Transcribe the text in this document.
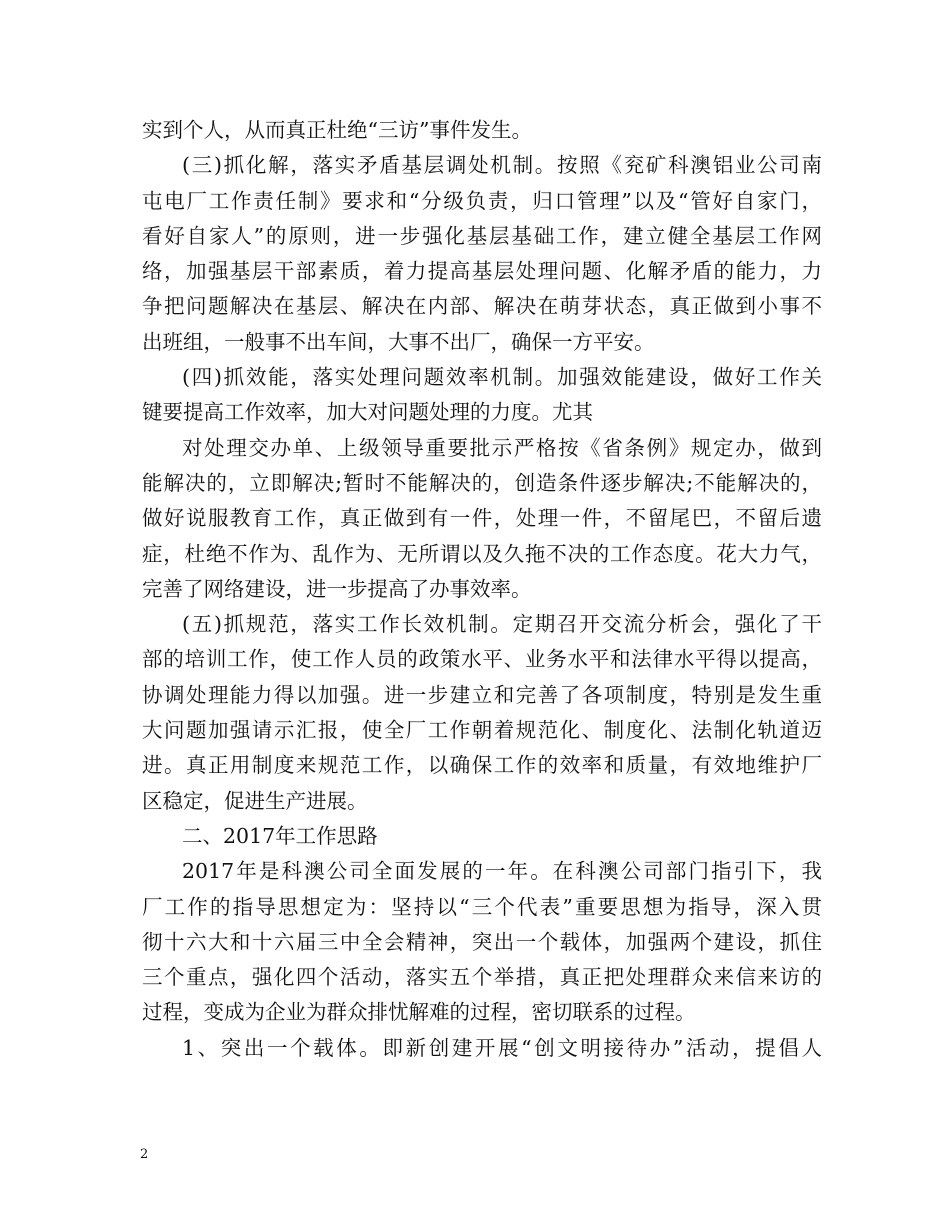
实到个人，从而真正杜绝“三访”事件发生。
(三)抓化解，落实矛盾基层调处机制。按照《兖矿科澳铝业公司南
屯电厂工作责任制》要求和“分级负责，归口管理”以及“管好自家门，
看好自家人”的原则，进一步强化基层基础工作，建立健全基层工作网
络，加强基层干部素质，着力提高基层处理问题、化解矛盾的能力，力
争把问题解决在基层、解决在内部、解决在萌芽状态，真正做到小事不
出班组，一般事不出车间，大事不出厂，确保一方平安。
(四)抓效能，落实处理问题效率机制。加强效能建设，做好工作关
键要提高工作效率，加大对问题处理的力度。尤其
对处理交办单、上级领导重要批示严格按《省条例》规定办，做到
能解决的，立即解决;暂时不能解决的，创造条件逐步解决;不能解决的，
做好说服教育工作，真正做到有一件，处理一件，不留尾巴，不留后遗
症，杜绝不作为、乱作为、无所谓以及久拖不决的工作态度。花大力气，
完善了网络建设，进一步提高了办事效率。
(五)抓规范，落实工作长效机制。定期召开交流分析会，强化了干
部的培训工作，使工作人员的政策水平、业务水平和法律水平得以提高，
协调处理能力得以加强。进一步建立和完善了各项制度，特别是发生重
大问题加强请示汇报，使全厂工作朝着规范化、制度化、法制化轨道迈
进。真正用制度来规范工作，以确保工作的效率和质量，有效地维护厂
区稳定，促进生产进展。
二、2017年工作思路
2017年是科澳公司全面发展的一年。在科澳公司部门指引下，我
厂工作的指导思想定为：坚持以“三个代表”重要思想为指导，深入贯
彻十六大和十六届三中全会精神，突出一个载体，加强两个建设，抓住
三个重点，强化四个活动，落实五个举措，真正把处理群众来信来访的
过程，变成为企业为群众排忧解难的过程，密切联系的过程。
1、突出一个载体。即新创建开展“创文明接待办”活动，提倡人
2
